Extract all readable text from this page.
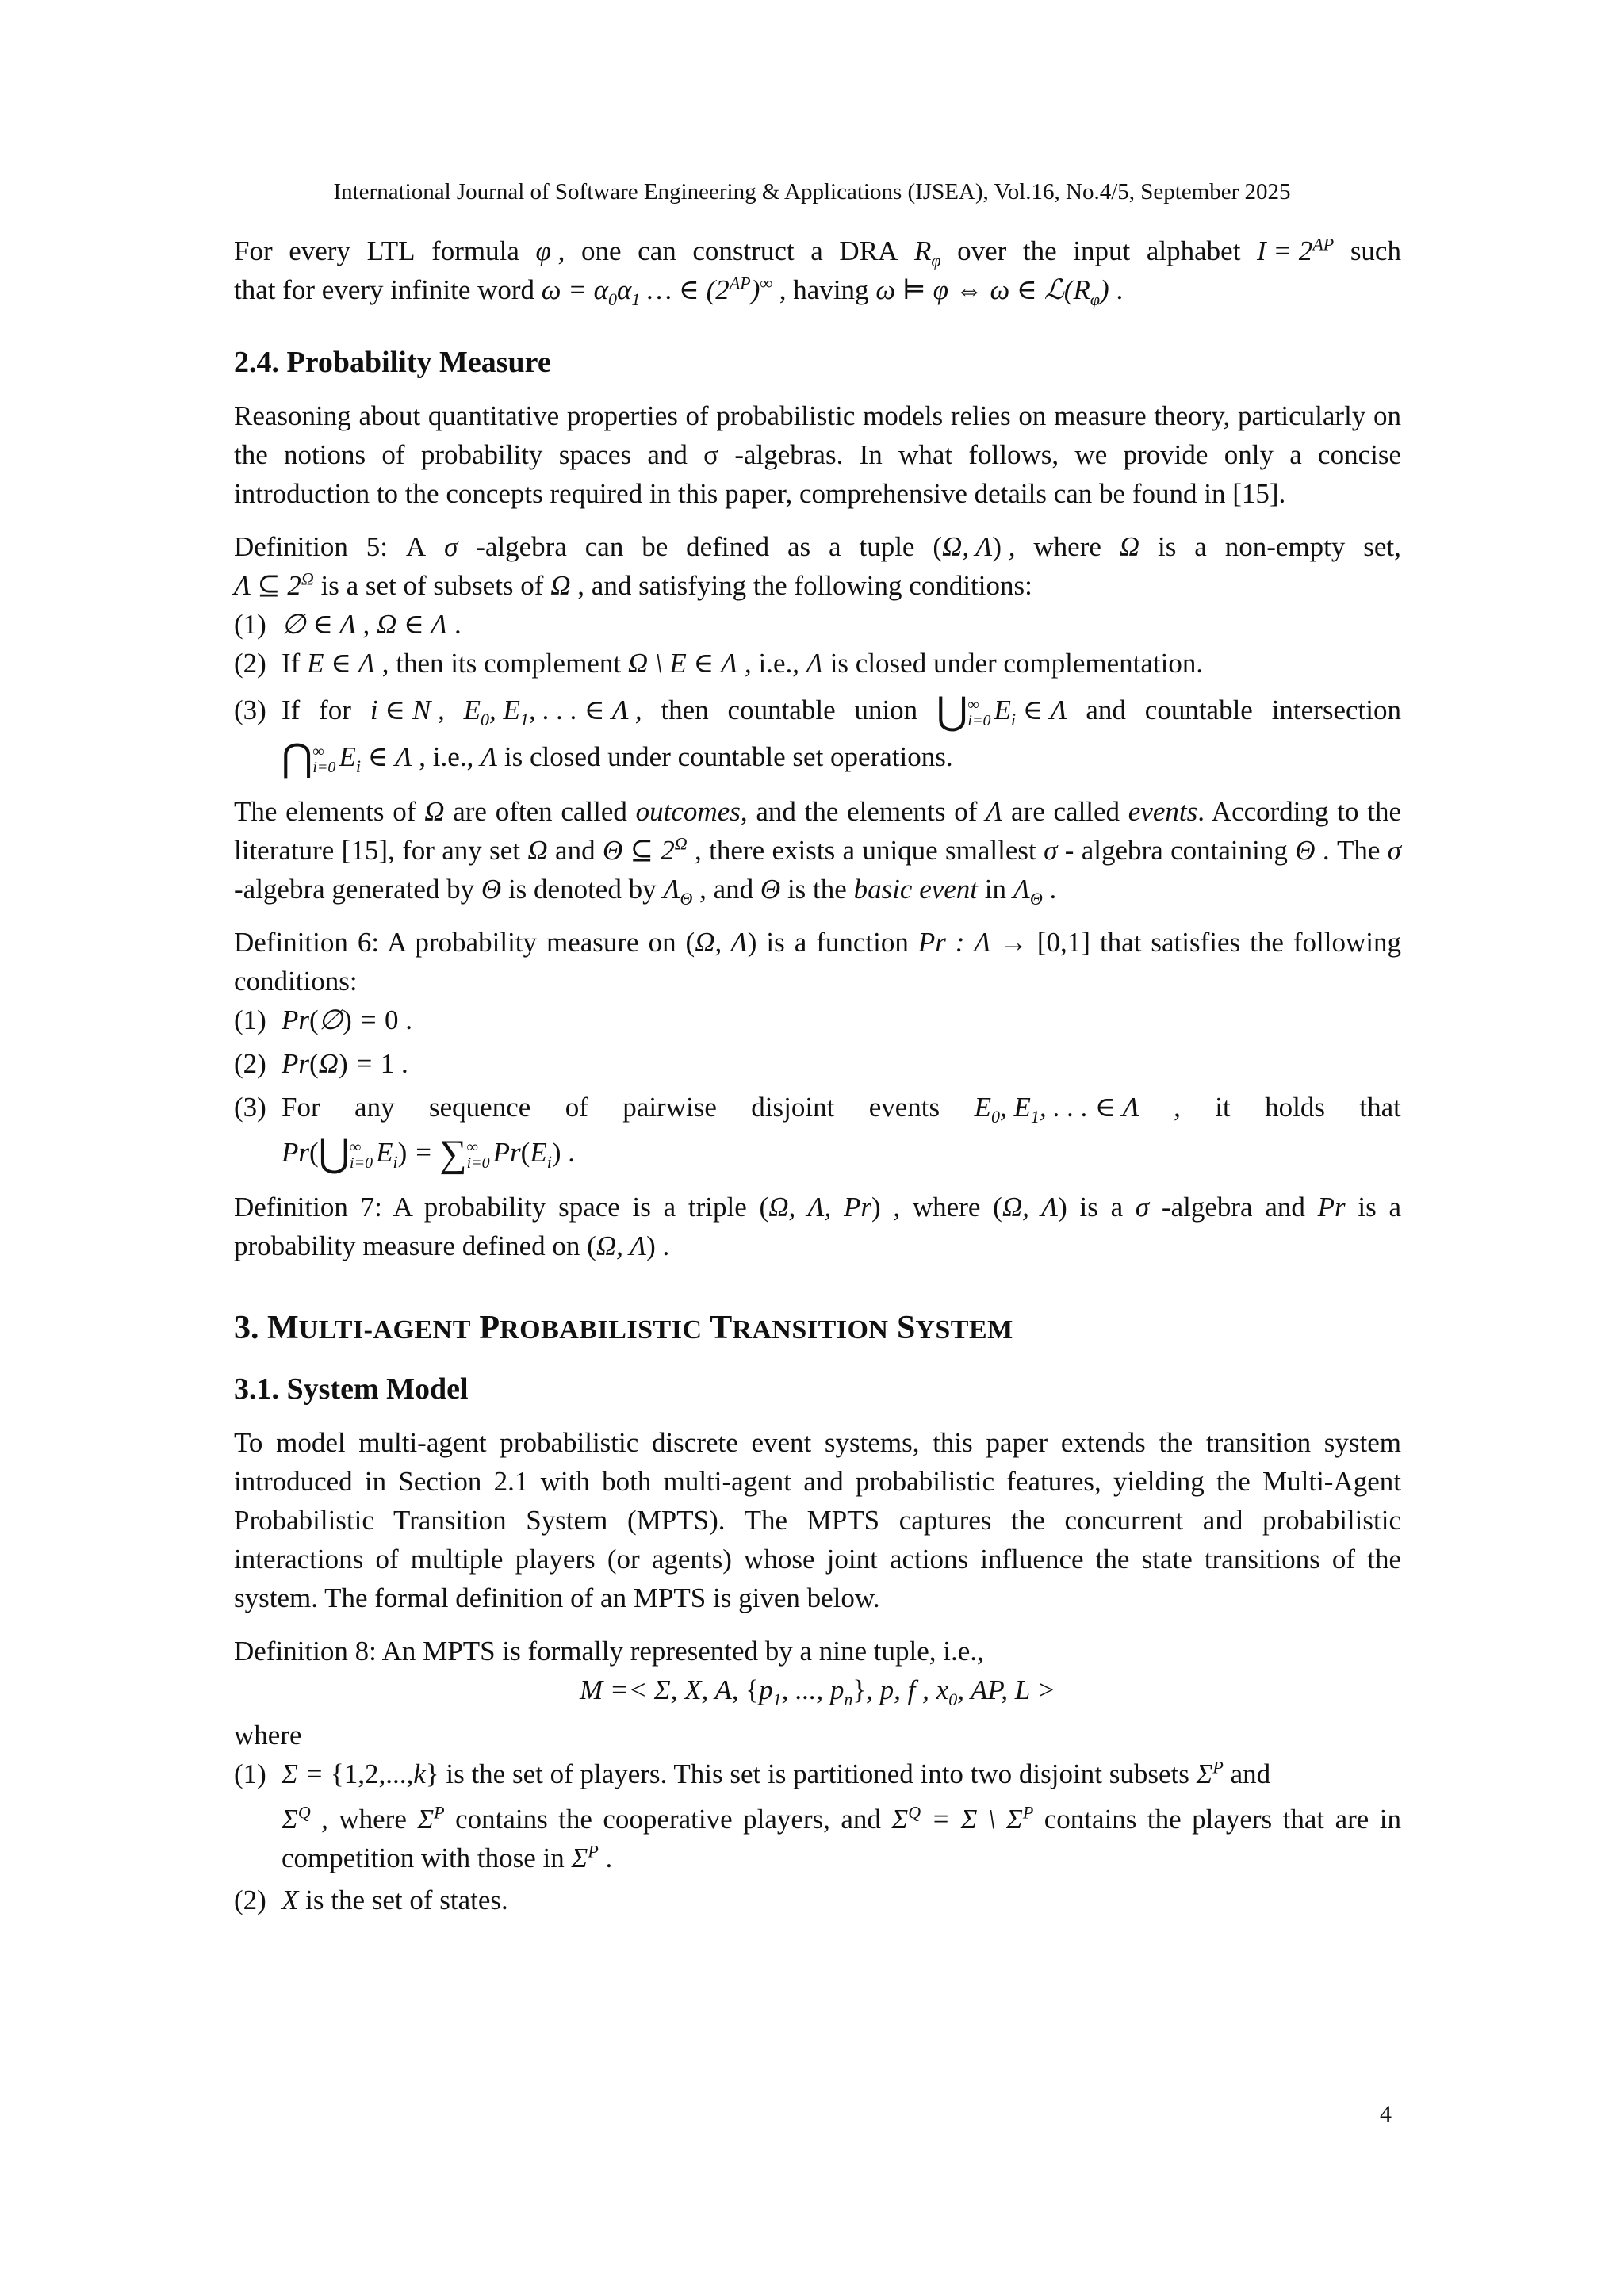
International Journal of Software Engineering & Applications (IJSEA), Vol.16, No.4/5, September 2025
For every LTL formula φ , one can construct a DRA $R_\varphi$ over the input alphabet $I = 2^{AP}$ such
that for every infinite word $\omega = \alpha_0\alpha_1$ … ∈ $(2^{AP})^\infty$ , having ω ⊨ φ ⇔ ω ∈ $ℒ(R_\varphi)$ .
2.4. Probability Measure

Reasoning about quantitative properties of probabilistic models relies on measure theory, particularly on the notions of probability spaces and σ -algebras. In what follows, we provide only a concise introduction to the concepts required in this paper, comprehensive details can be found in [15].

Definition 5: A σ -algebra can be defined as a tuple (Ω, Λ) , where Ω is a non-empty set,
Λ ⊆ $2^\Omega$ is a set of subsets of Ω , and satisfying the following conditions:
(1) ∅ ∈ Λ , Ω ∈ Λ .
(2) If E ∈ Λ , then its complement Ω \ E ∈ Λ , i.e., Λ is closed under complementation.
(3) If for i ∈ N , $E_0$, $E_1$, . . . ∈ Λ , then countable union ⋃∞
i=0 $E_i$ ∈ Λ and countable intersection
⋂∞
i=0 $E_i$ ∈ Λ , i.e., Λ is closed under countable set operations.

The elements of Ω are often called outcomes, and the elements of Λ are called events. According to the literature [15], for any set Ω and Θ ⊆ $2^\Omega$ , there exists a unique smallest σ - algebra containing Θ . The σ -algebra generated by Θ is denoted by $\Lambda_\Theta$ , and Θ is the basic event in $\Lambda_\Theta$ .

Definition 6: A probability measure on (Ω, Λ) is a function Pr : Λ → [0,1] that satisfies the following conditions:

(1) Pr(∅) = 0 .
(2) Pr(Ω) = 1 .
(3) For any sequence of pairwise disjoint events $E_0$, $E_1$, . . . ∈ Λ , it holds that
Pr(⋃∞
i=0 $E_i$) = ∑∞
i=0 $Pr(E_i)$ .

Definition 7: A probability space is a triple (Ω, Λ, Pr) , where (Ω, Λ) is a σ -algebra and Pr is a probability measure defined on (Ω, Λ) .

3. MULTI-AGENT PROBABILISTIC TRANSITION SYSTEM
3.1. System Model

To model multi-agent probabilistic discrete event systems, this paper extends the transition system introduced in Section 2.1 with both multi-agent and probabilistic features, yielding the Multi-Agent Probabilistic Transition System (MPTS). The MPTS captures the concurrent and probabilistic interactions of multiple players (or agents) whose joint actions influence the state transitions of the system. The formal definition of an MPTS is given below.

Definition 8: An MPTS is formally represented by a nine tuple, i.e.,
M =< Σ, X, A, {$p_1$, ..., $p_n$}, p, f , $x_0$, AP, L >
where
(1) Σ = {1,2,...,k} is the set of players. This set is partitioned into two disjoint subsets $\Sigma^P$ and
$\Sigma^Q$ , where $\Sigma^P$ contains the cooperative players, and $\Sigma^Q = \Sigma$ \ $\Sigma^P$ contains the players that are in competition with those in $\Sigma^P$ .
(2) X is the set of states.
4
